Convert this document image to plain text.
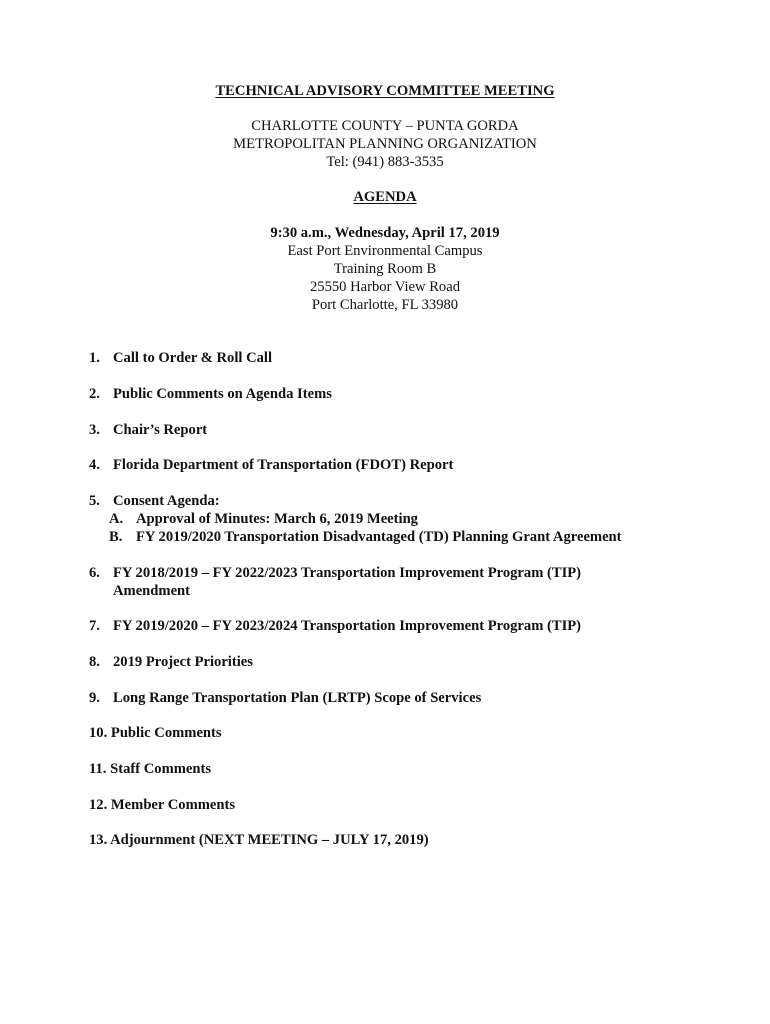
TECHNICAL ADVISORY COMMITTEE MEETING
CHARLOTTE COUNTY – PUNTA GORDA
METROPOLITAN PLANNING ORGANIZATION
Tel: (941) 883-3535
AGENDA
9:30 a.m., Wednesday, April 17, 2019
East Port Environmental Campus
Training Room B
25550 Harbor View Road
Port Charlotte, FL 33980
1. Call to Order & Roll Call
2. Public Comments on Agenda Items
3. Chair’s Report
4. Florida Department of Transportation (FDOT) Report
5. Consent Agenda:
A. Approval of Minutes: March 6, 2019 Meeting
B. FY 2019/2020 Transportation Disadvantaged (TD) Planning Grant Agreement
6. FY 2018/2019 – FY 2022/2023 Transportation Improvement Program (TIP)
Amendment
7. FY 2019/2020 – FY 2023/2024 Transportation Improvement Program (TIP)
8. 2019 Project Priorities
9. Long Range Transportation Plan (LRTP) Scope of Services
10. Public Comments
11. Staff Comments
12. Member Comments
13. Adjournment (NEXT MEETING – JULY 17, 2019)
